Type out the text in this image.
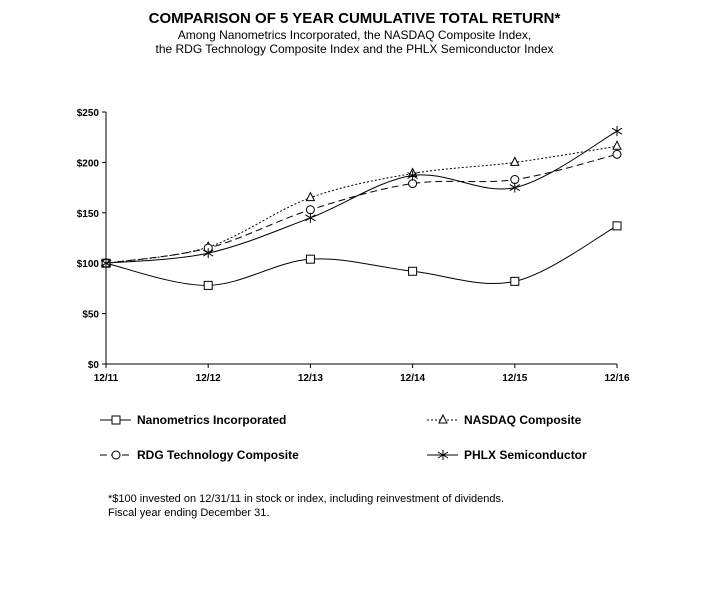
COMPARISON OF 5 YEAR CUMULATIVE TOTAL RETURN*
Among Nanometrics Incorporated, the NASDAQ Composite Index,
the RDG Technology Composite Index and the PHLX Semiconductor Index
$0
$50
$100
$150
$200
$250
12/11	12/12	12/13	12/14	12/15	12/16
Nanometrics Incorporated	NASDAQ Composite
RDG Technology Composite	PHLX Semiconductor
*$100 invested on 12/31/11 in stock or index, including reinvestment of dividends.
Fiscal year ending December 31.
